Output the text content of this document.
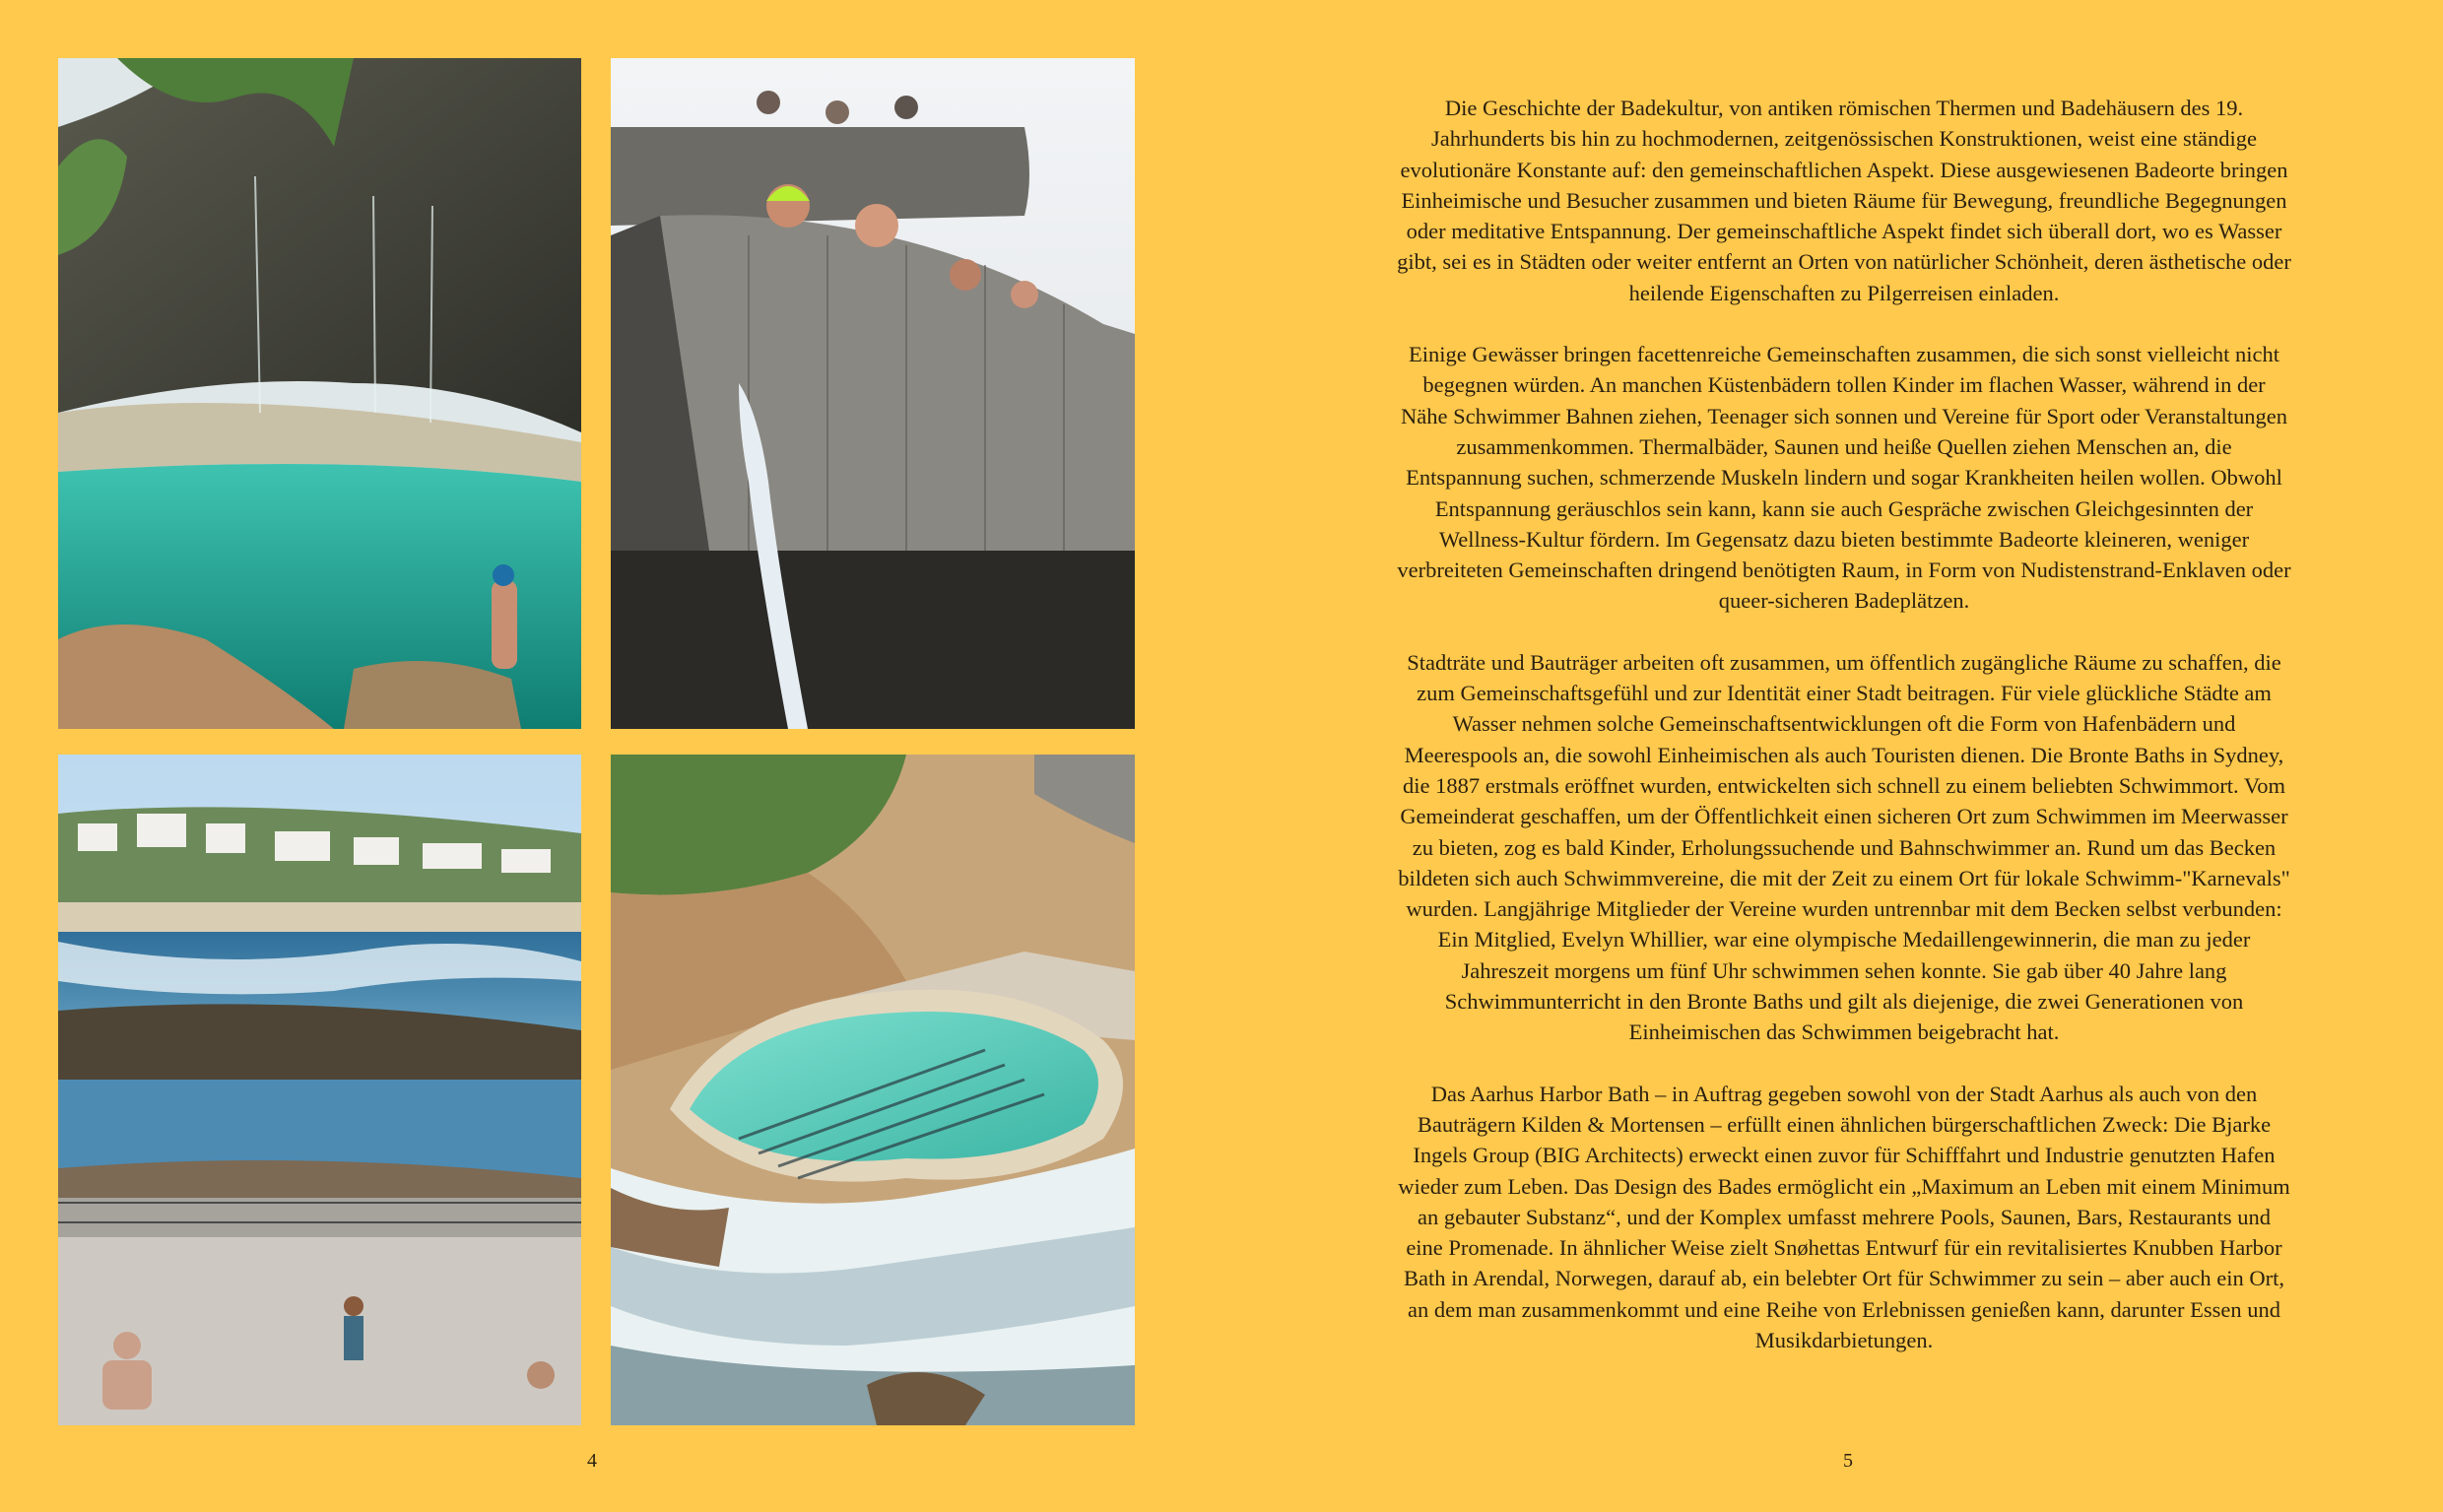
4	5

Die Geschichte der Badekultur, von antiken römischen Thermen und Badehäusern des 19. Jahrhunderts bis hin zu hochmodernen, zeitgenössischen Konstruktionen, weist eine ständige evolutionäre Konstante auf: den gemeinschaftlichen Aspekt. Diese ausgewiesenen Badeorte bringen Einheimische und Besucher zusammen und bieten Räume für Bewegung, freundliche Begegnungen oder meditative Entspannung. Der gemeinschaftliche Aspekt findet sich überall dort, wo es Wasser gibt, sei es in Städten oder weiter entfernt an Orten von natürlicher Schönheit, deren ästhetische oder heilende Eigenschaften zu Pilgerreisen einladen.

Einige Gewässer bringen facettenreiche Gemeinschaften zusammen, die sich sonst vielleicht nicht begegnen würden. An manchen Küstenbädern tollen Kinder im flachen Wasser, während in der Nähe Schwimmer Bahnen ziehen, Teenager sich sonnen und Vereine für Sport oder Veranstaltungen zusammenkommen. Thermalbäder, Saunen und heiße Quellen ziehen Menschen an, die Entspannung suchen, schmerzende Muskeln lindern und sogar Krankheiten heilen wollen. Obwohl Entspannung geräuschlos sein kann, kann sie auch Gespräche zwischen Gleichgesinnten der Wellness-Kultur fördern. Im Gegensatz dazu bieten bestimmte Badeorte kleineren, weniger verbreiteten Gemeinschaften dringend benötigten Raum, in Form von Nudistenstrand-Enklaven oder queer-sicheren Badeplätzen.

Stadträte und Bauträger arbeiten oft zusammen, um öffentlich zugängliche Räume zu schaffen, die zum Gemeinschaftsgefühl und zur Identität einer Stadt beitragen. Für viele glückliche Städte am Wasser nehmen solche Gemeinschaftsentwicklungen oft die Form von Hafenbädern und Meerespools an, die sowohl Einheimischen als auch Touristen dienen. Die Bronte Baths in Sydney, die 1887 erstmals eröffnet wurden, entwickelten sich schnell zu einem beliebten Schwimmort. Vom Gemeinderat geschaffen, um der Öffentlichkeit einen sicheren Ort zum Schwimmen im Meerwasser zu bieten, zog es bald Kinder, Erholungssuchende und Bahnschwimmer an. Rund um das Becken bildeten sich auch Schwimmvereine, die mit der Zeit zu einem Ort für lokale Schwimm-"Karnevals" wurden. Langjährige Mitglieder der Vereine wurden untrennbar mit dem Becken selbst verbunden: Ein Mitglied, Evelyn Whillier, war eine olympische Medaillengewinnerin, die man zu jeder Jahreszeit morgens um fünf Uhr schwimmen sehen konnte. Sie gab über 40 Jahre lang Schwimmunterricht in den Bronte Baths und gilt als diejenige, die zwei Generationen von Einheimischen das Schwimmen beigebracht hat.

Das Aarhus Harbor Bath – in Auftrag gegeben sowohl von der Stadt Aarhus als auch von den Bauträgern Kilden & Mortensen – erfüllt einen ähnlichen bürgerschaftlichen Zweck: Die Bjarke Ingels Group (BIG Architects) erweckt einen zuvor für Schifffahrt und Industrie genutzten Hafen wieder zum Leben. Das Design des Bades ermöglicht ein „Maximum an Leben mit einem Minimum an gebauter Substanz“, und der Komplex umfasst mehrere Pools, Saunen, Bars, Restaurants und eine Promenade. In ähnlicher Weise zielt Snøhettas Entwurf für ein revitalisiertes Knubben Harbor Bath in Arendal, Norwegen, darauf ab, ein belebter Ort für Schwimmer zu sein – aber auch ein Ort, an dem man zusammenkommt und eine Reihe von Erlebnissen genießen kann, darunter Essen und Musikdarbietungen.
